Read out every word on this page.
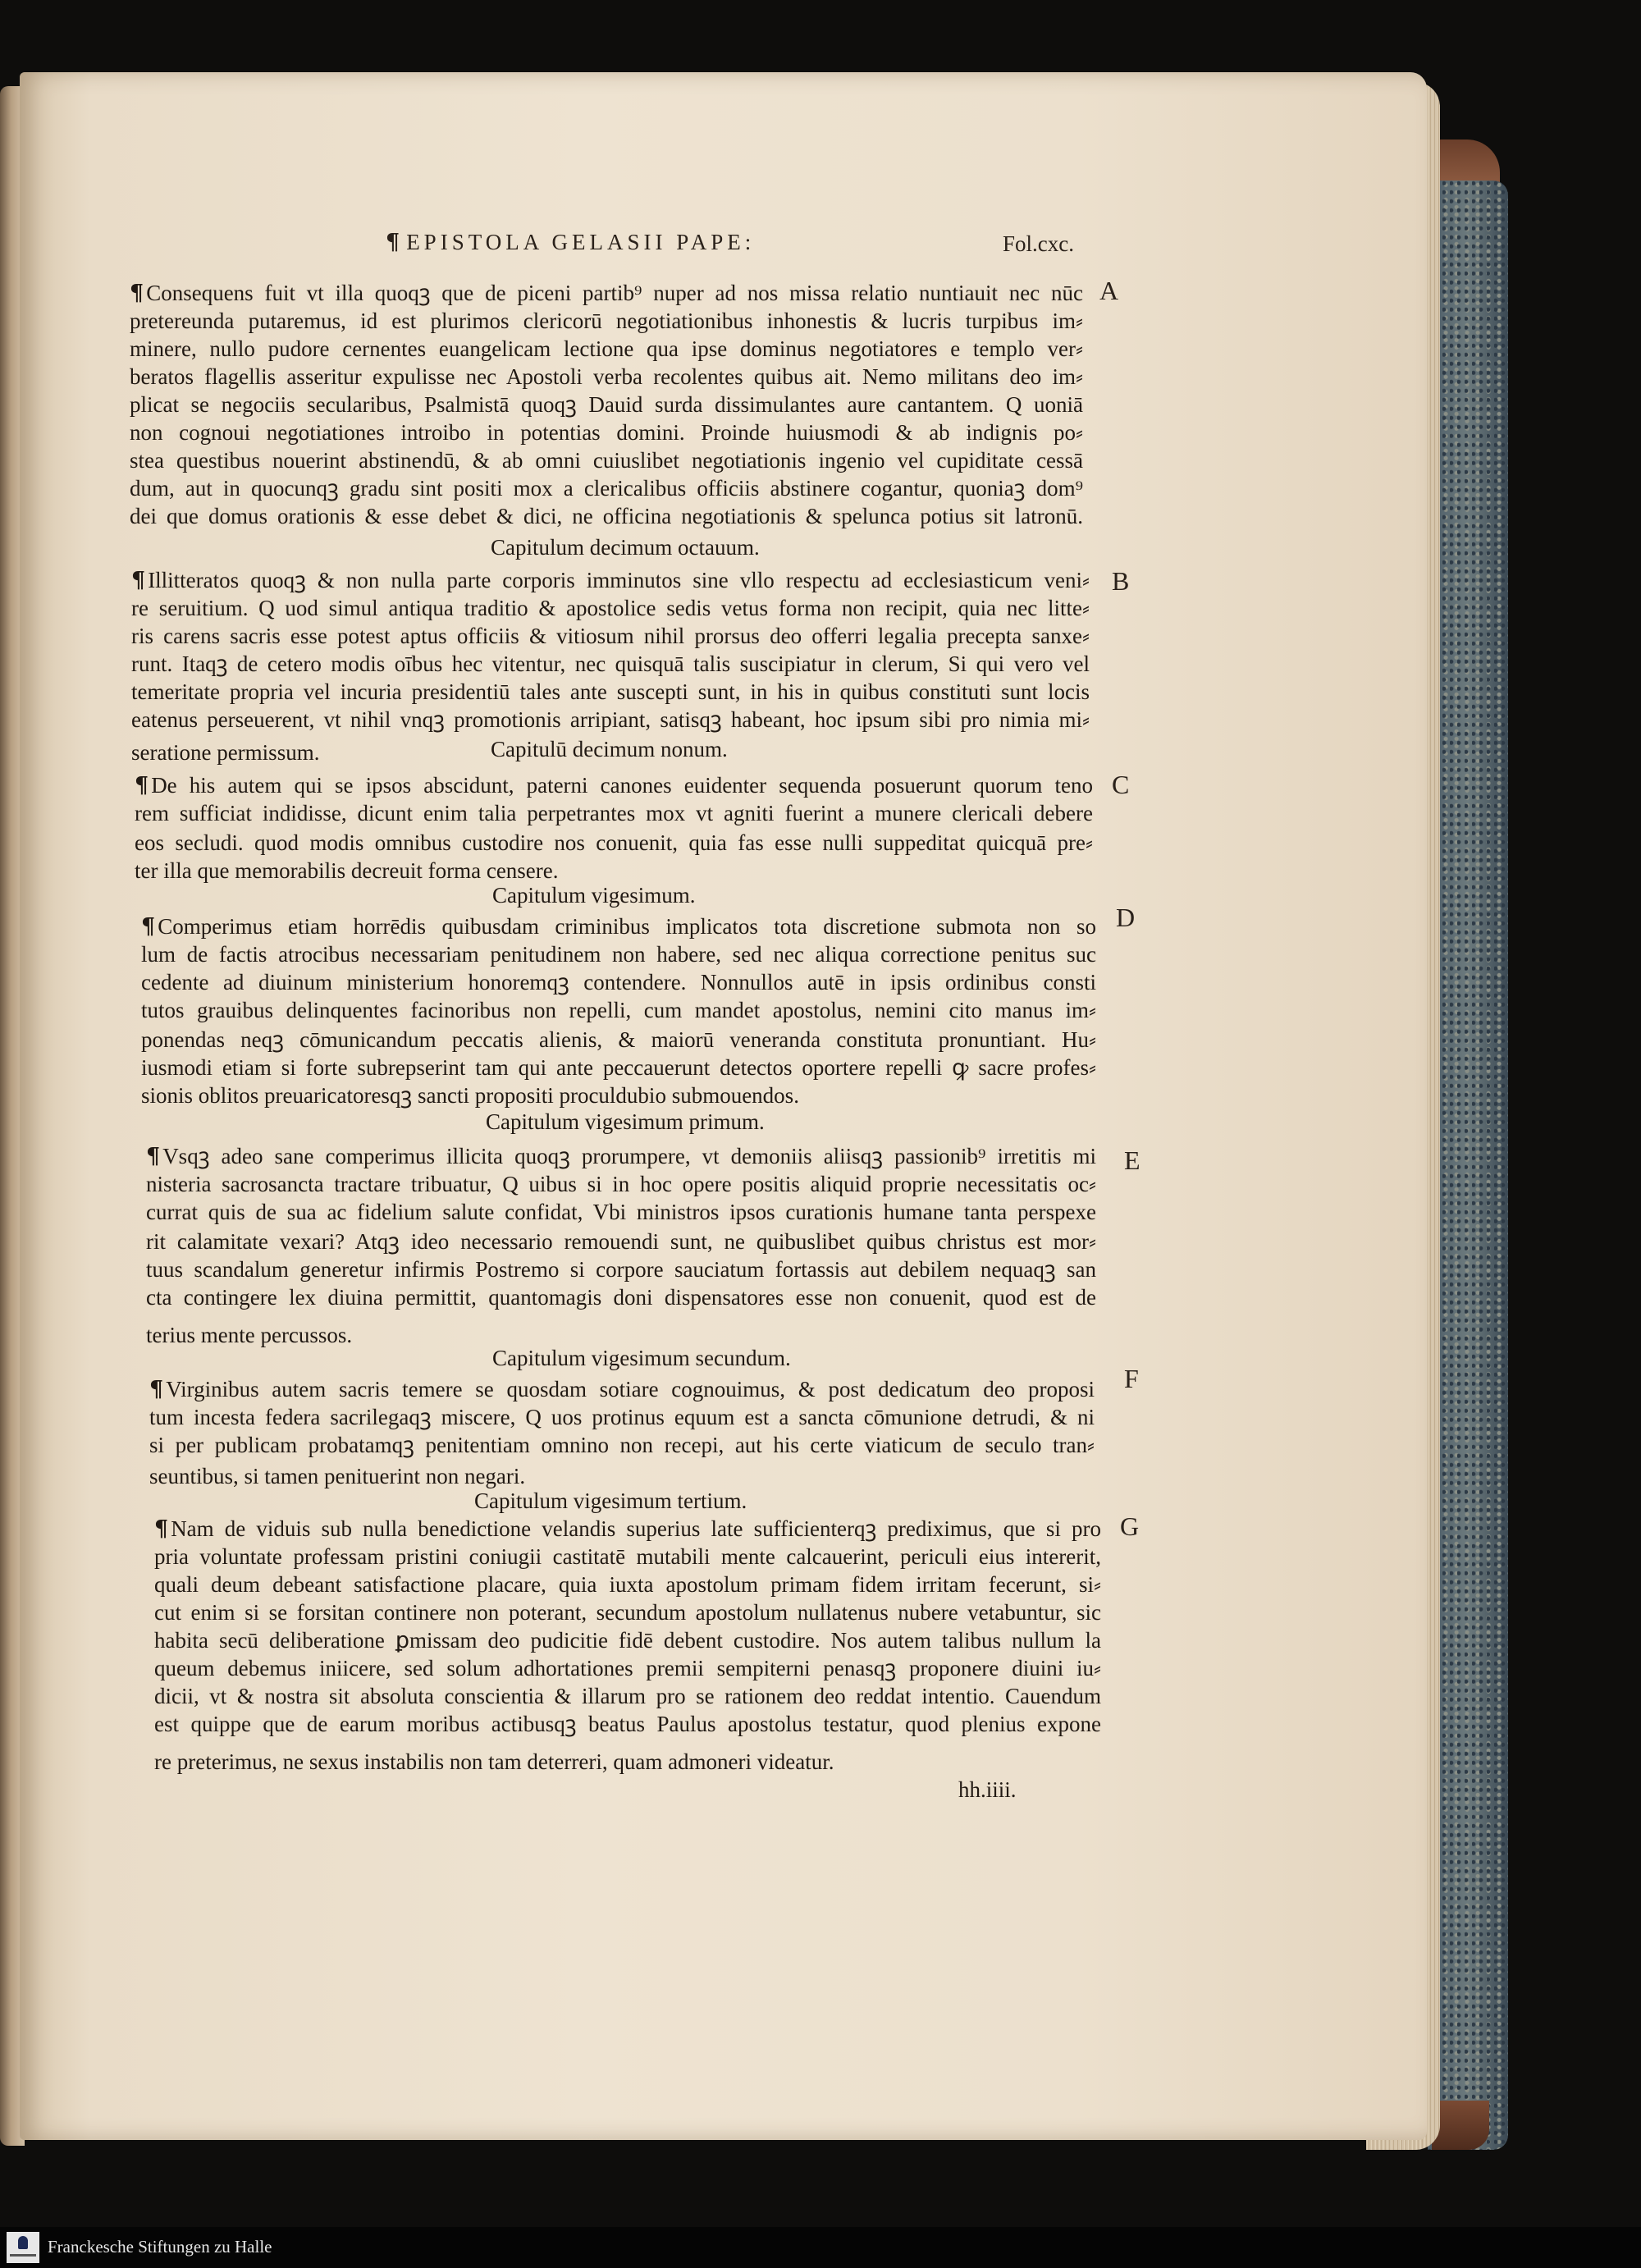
¶ EPISTOLA GELASII PAPE:	Fol.cxc.
A
B
C
D
E
F
G
¶ Consequens fuit vt illa quoqꝫ que de piceni partib⁹ nuper ad nos missa relatio nuntiauit nec nūc
pretereunda putaremus, id est plurimos clericorū negotiationibus inhonestis & lucris turpibus im⸗
minere, nullo pudore cernentes euangelicam lectione qua ipse dominus negotiatores e templo ver⸗
beratos flagellis asseritur expulisse nec Apostoli verba recolentes quibus ait. Nemo militans deo im⸗
plicat se negociis secularibus, Psalmistā quoqꝫ Dauid surda dissimulantes aure cantantem. Q uoniā
non cognoui negotiationes introibo in potentias domini. Proinde huiusmodi & ab indignis po⸗
stea questibus nouerint abstinendū, & ab omni cuiuslibet negotiationis ingenio vel cupiditate cessā
dum, aut in quocunqꝫ gradu sint positi mox a clericalibus officiis abstinere cogantur, quoniaꝫ dom⁹
dei que domus orationis & esse debet & dici, ne officina negotiationis & spelunca potius sit latronū.
Capitulum decimum octauum.
¶ Illitteratos quoqꝫ & non nulla parte corporis imminutos sine vllo respectu ad ecclesiasticum veni⸗
re seruitium. Q uod simul antiqua traditio & apostolice sedis vetus forma non recipit, quia nec litte⸗
ris carens sacris esse potest aptus officiis & vitiosum nihil prorsus deo offerri legalia precepta sanxe⸗
runt. Itaqꝫ de cetero modis oībus hec vitentur, nec quisquā talis suscipiatur in clerum, Si qui vero vel
temeritate propria vel incuria presidentiū tales ante suscepti sunt, in his in quibus constituti sunt locis
eatenus perseuerent, vt nihil vnqꝫ promotionis arripiant, satisqꝫ habeant, hoc ipsum sibi pro nimia mi⸗
seratione permissum.	Capitulū decimum nonum.
¶ De his autem qui se ipsos abscidunt, paterni canones euidenter sequenda posuerunt quorum teno
rem sufficiat indidisse, dicunt enim talia perpetrantes mox vt agniti fuerint a munere clericali debere
eos secludi. quod modis omnibus custodire nos conuenit, quia fas esse nulli suppeditat quicquā pre⸗
ter illa que memorabilis decreuit forma censere.
Capitulum vigesimum.
¶ Comperimus etiam horrēdis quibusdam criminibus implicatos tota discretione submota non so
lum de factis atrocibus necessariam penitudinem non habere, sed nec aliqua correctione penitus suc
cedente ad diuinum ministerium honoremqꝫ contendere. Nonnullos autē in ipsis ordinibus consti
tutos grauibus delinquentes facinoribus non repelli, cum mandet apostolus, nemini cito manus im⸗
ponendas neqꝫ cōmunicandum peccatis alienis, & maiorū veneranda constituta pronuntiant. Hu⸗
iusmodi etiam si forte subrepserint tam qui ante peccauerunt detectos oportere repelli ꝙ sacre profes⸗
sionis oblitos preuaricatoresqꝫ sancti propositi proculdubio submouendos.
Capitulum vigesimum primum.
¶ Vsqꝫ adeo sane comperimus illicita quoqꝫ prorumpere, vt demoniis aliisqꝫ passionib⁹ irretitis mi
nisteria sacrosancta tractare tribuatur, Q uibus si in hoc opere positis aliquid proprie necessitatis oc⸗
currat quis de sua ac fidelium salute confidat, Vbi ministros ipsos curationis humane tanta perspexe
rit calamitate vexari? Atqꝫ ideo necessario remouendi sunt, ne quibuslibet quibus christus est mor⸗
tuus scandalum generetur infirmis Postremo si corpore sauciatum fortassis aut debilem nequaqꝫ san
cta contingere lex diuina permittit, quantomagis doni dispensatores esse non conuenit, quod est de
terius mente percussos.
Capitulum vigesimum secundum.
¶ Virginibus autem sacris temere se quosdam sotiare cognouimus, & post dedicatum deo proposi
tum incesta federa sacrilegaqꝫ miscere, Q uos protinus equum est a sancta cōmunione detrudi, & ni
si per publicam probatamqꝫ penitentiam omnino non recepi, aut his certe viaticum de seculo tran⸗
seuntibus, si tamen penituerint non negari.
Capitulum vigesimum tertium.
¶ Nam de viduis sub nulla benedictione velandis superius late sufficienterqꝫ prediximus, que si pro
pria voluntate professam pristini coniugii castitatē mutabili mente calcauerint, periculi eius intererit,
quali deum debeant satisfactione placare, quia iuxta apostolum primam fidem irritam fecerunt, si⸗
cut enim si se forsitan continere non poterant, secundum apostolum nullatenus nubere vetabuntur, sic
habita secū deliberatione ꝑmissam deo pudicitie fidē debent custodire. Nos autem talibus nullum la
queum debemus iniicere, sed solum adhortationes premii sempiterni penasqꝫ proponere diuini iu⸗
dicii, vt & nostra sit absoluta conscientia & illarum pro se rationem deo reddat intentio. Cauendum
est quippe que de earum moribus actibusqꝫ beatus Paulus apostolus testatur, quod plenius expone
re preterimus, ne sexus instabilis non tam deterreri, quam admoneri videatur.
hh.iiii.
Franckesche Stiftungen zu Halle
